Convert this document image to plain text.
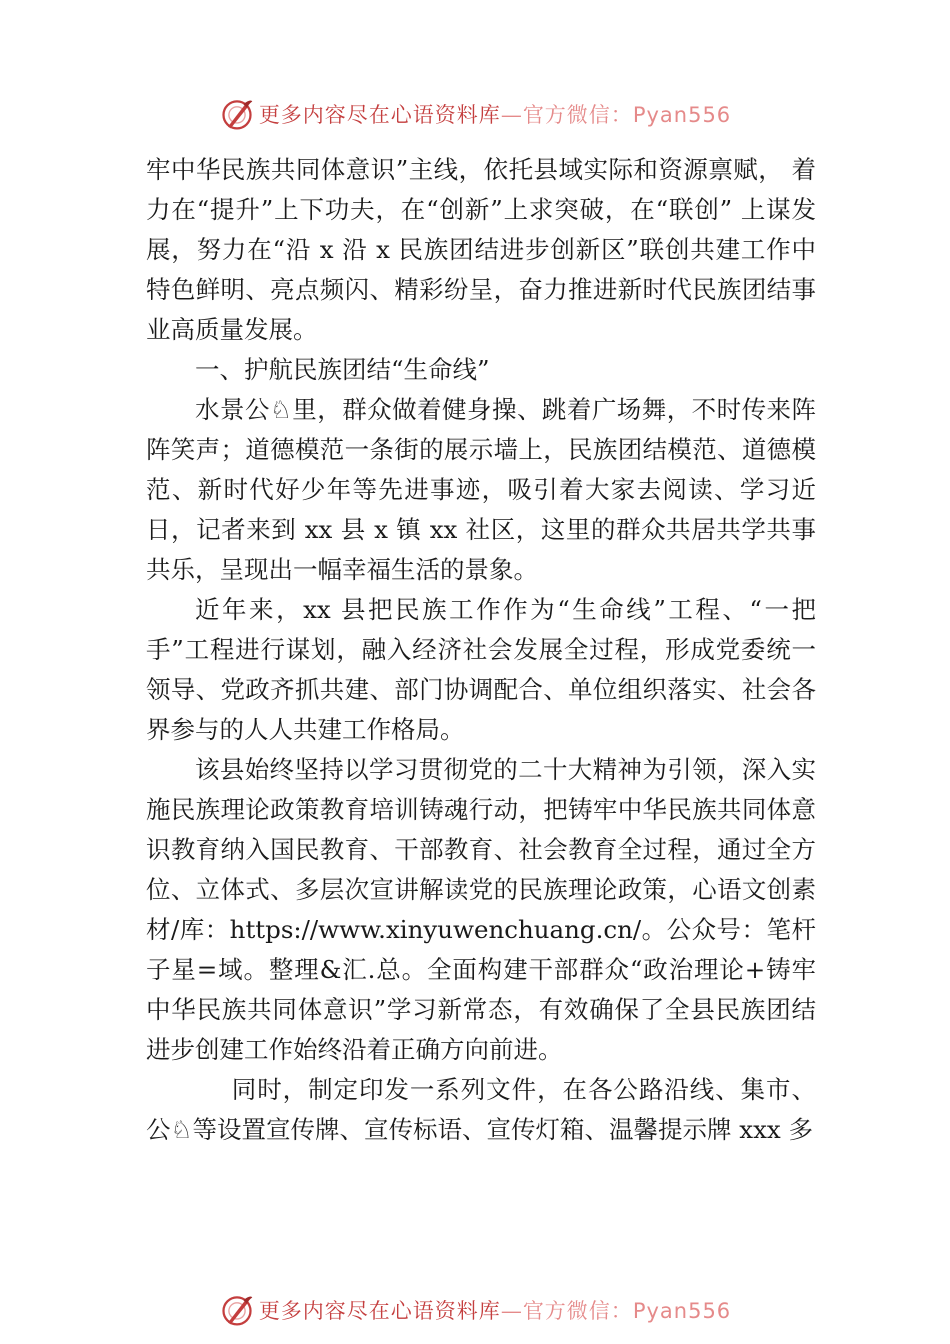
更多内容尽在心语资料库—官方微信：Pyan556

牢中华民族共同体意识”主线，依托县域实际和资源禀赋， 着力在“提升”上下功夫，在“创新”上求突破，在“联创” 上谋发展，努力在“沿 x 沿 x 民族团结进步创新区”联创共建工作中特色鲜明、亮点频闪、精彩纷呈，奋力推进新时代民族团结事业高质量发展。

一、护航民族团结“生命线”

水景公♘里，群众做着健身操、跳着广场舞，不时传来阵阵笑声；道德模范一条街的展示墙上，民族团结模范、道德模范、新时代好少年等先进事迹，吸引着大家去阅读、学习近日，记者来到 xx 县 x 镇 xx 社区，这里的群众共居共学共事共乐，呈现出一幅幸福生活的景象。

近年来，xx 县把民族工作作为“生命线”工程、“一把手”工程进行谋划，融入经济社会发展全过程，形成党委统一领导、党政齐抓共建、部门协调配合、单位组织落实、社会各界参与的人人共建工作格局。

该县始终坚持以学习贯彻党的二十大精神为引领，深入实施民族理论政策教育培训铸魂行动，把铸牢中华民族共同体意识教育纳入国民教育、干部教育、社会教育全过程，通过全方位、立体式、多层次宣讲解读党的民族理论政策，心语文创素材/库：https://www.xinyuwenchuang.cn/。公众号：笔杆子星=域。整理&汇.总。全面构建干部群众“政治理论+铸牢中华民族共同体意识”学习新常态，有效确保了全县民族团结进步创建工作始终沿着正确方向前进。

同时，制定印发一系列文件，在各公路沿线、集市、公♘等设置宣传牌、宣传标语、宣传灯箱、温馨提示牌 xxx 多

更多内容尽在心语资料库—官方微信：Pyan556
